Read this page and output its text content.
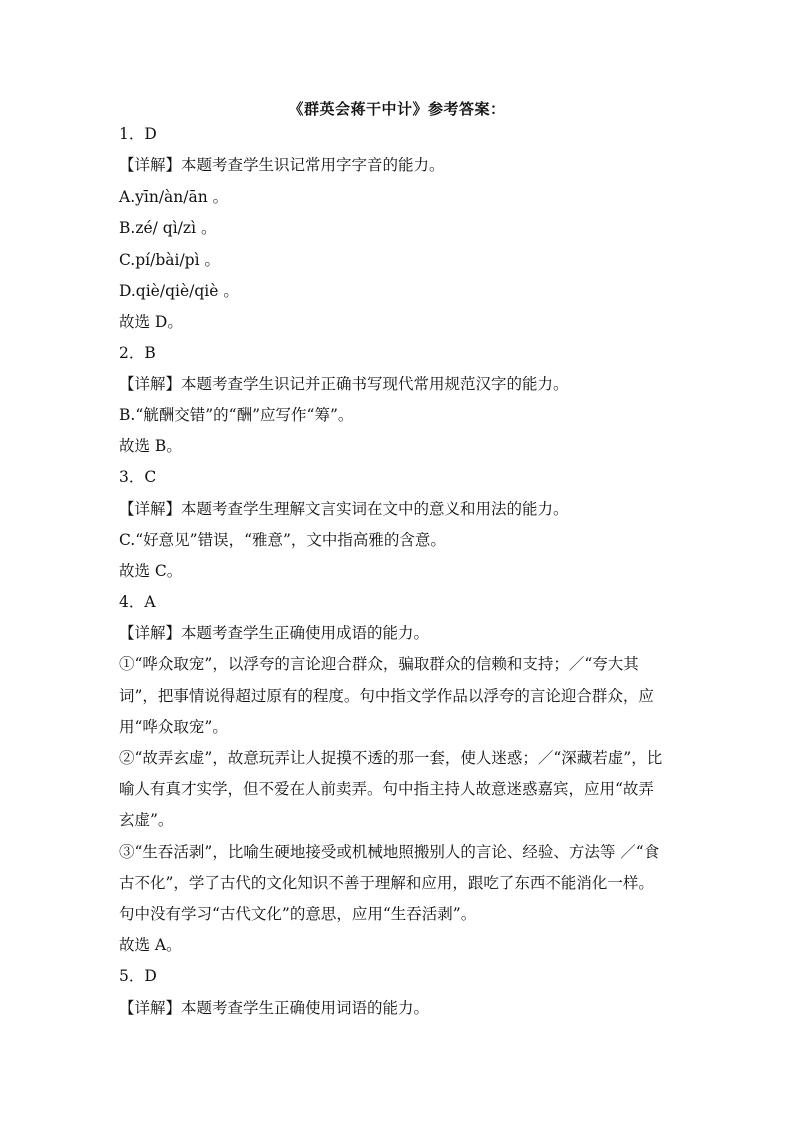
《群英会蒋干中计》参考答案：
1．D
【详解】本题考查学生识记常用字字音的能力。
A.yīn/àn/ān 。
B.zé/ qì/zì 。
C.pí/bài/pì 。
D.qiè/qiè/qiè 。
故选 D。
2．B
【详解】本题考查学生识记并正确书写现代常用规范汉字的能力。
B.“觥酬交错”的“酬”应写作“筹”。
故选 B。
3．C
【详解】本题考查学生理解文言实词在文中的意义和用法的能力。
C.“好意见”错误，“雅意”，文中指高雅的含意。
故选 C。
4．A
【详解】本题考查学生正确使用成语的能力。
①“哗众取宠”，以浮夸的言论迎合群众，骗取群众的信赖和支持；／“夸大其
词”，把事情说得超过原有的程度。句中指文学作品以浮夸的言论迎合群众，应
用“哗众取宠”。
②“故弄玄虚”，故意玩弄让人捉摸不透的那一套，使人迷惑；／“深藏若虚”，比
喻人有真才实学，但不爱在人前卖弄。句中指主持人故意迷惑嘉宾，应用“故弄
玄虚”。
③“生吞活剥”，比喻生硬地接受或机械地照搬别人的言论、经验、方法等 ／“食
古不化”，学了古代的文化知识不善于理解和应用，跟吃了东西不能消化一样。
句中没有学习“古代文化”的意思，应用“生吞活剥”。
故选 A。
5．D
【详解】本题考查学生正确使用词语的能力。
